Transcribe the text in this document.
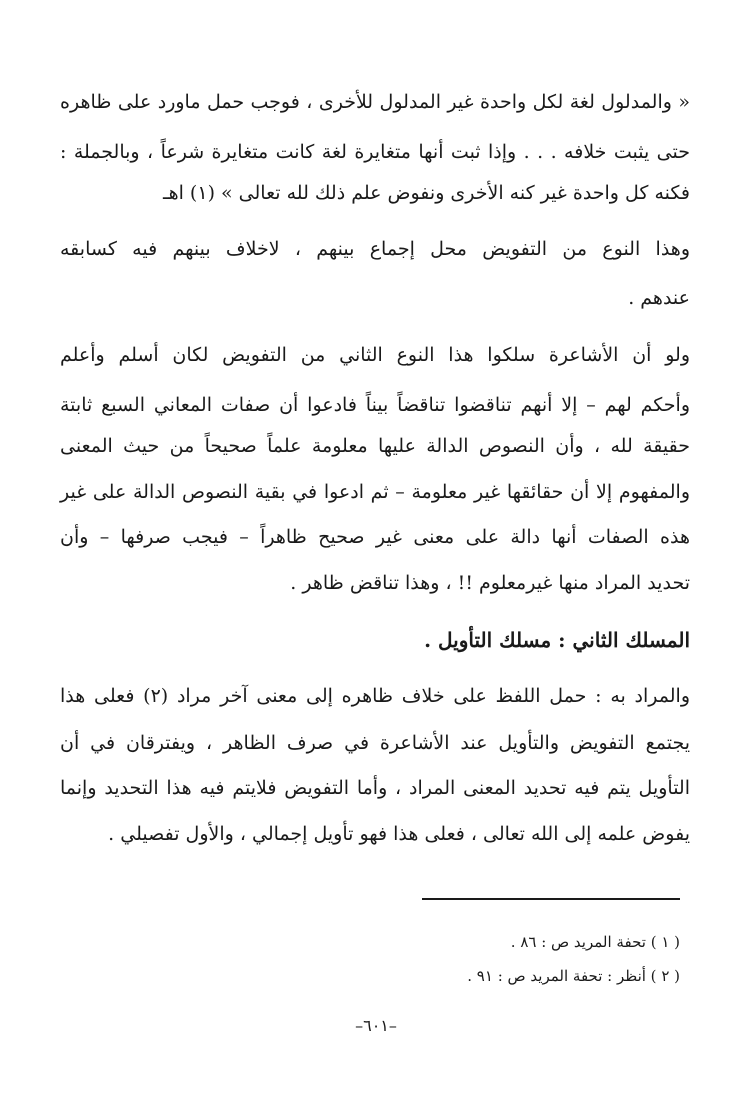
« والمدلول لغة لكل واحدة غير المدلول للأخرى ، فوجب حمل ماورد على ظاهره
حتى يثبت خلافه . . . وإذا ثبت أنها متغايرة لغة كانت متغايرة شرعاً ، وبالجملة :
فكنه كل واحدة غير كنه الأخرى ونفوض علم ذلك لله تعالى » (١) اهـ
وهذا النوع من التفويض محل إجماع بينهم ، لاخلاف بينهم فيه كسابقه
عندهم .
ولو أن الأشاعرة سلكوا هذا النوع الثاني من التفويض لكان أسلم وأعلم
وأحكم لهم – إلا أنهم تناقضوا تناقضاً بيناً فادعوا أن صفات المعاني السبع ثابتة
حقيقة لله ، وأن النصوص الدالة عليها معلومة علماً صحيحاً من حيث المعنى
والمفهوم إلا أن حقائقها غير معلومة – ثم ادعوا في بقية النصوص الدالة على غير
هذه الصفات أنها دالة على معنى غير صحيح ظاهراً – فيجب صرفها – وأن
تحديد المراد منها غيرمعلوم !! ، وهذا تناقض ظاهر .
المسلك الثاني : مسلك التأويل .
والمراد به : حمل اللفظ على خلاف ظاهره إلى معنى آخر مراد (٢) فعلى هذا
يجتمع التفويض والتأويل عند الأشاعرة في صرف الظاهر ، ويفترقان في أن
التأويل يتم فيه تحديد المعنى المراد ، وأما التفويض فلايتم فيه هذا التحديد وإنما
يفوض علمه إلى الله تعالى ، فعلى هذا فهو تأويل إجمالي ، والأول تفصيلي .
( ١ ) تحفة المريد ص : ٨٦ .
( ٢ ) أنظر : تحفة المريد ص : ٩١ .
–٦٠١–
